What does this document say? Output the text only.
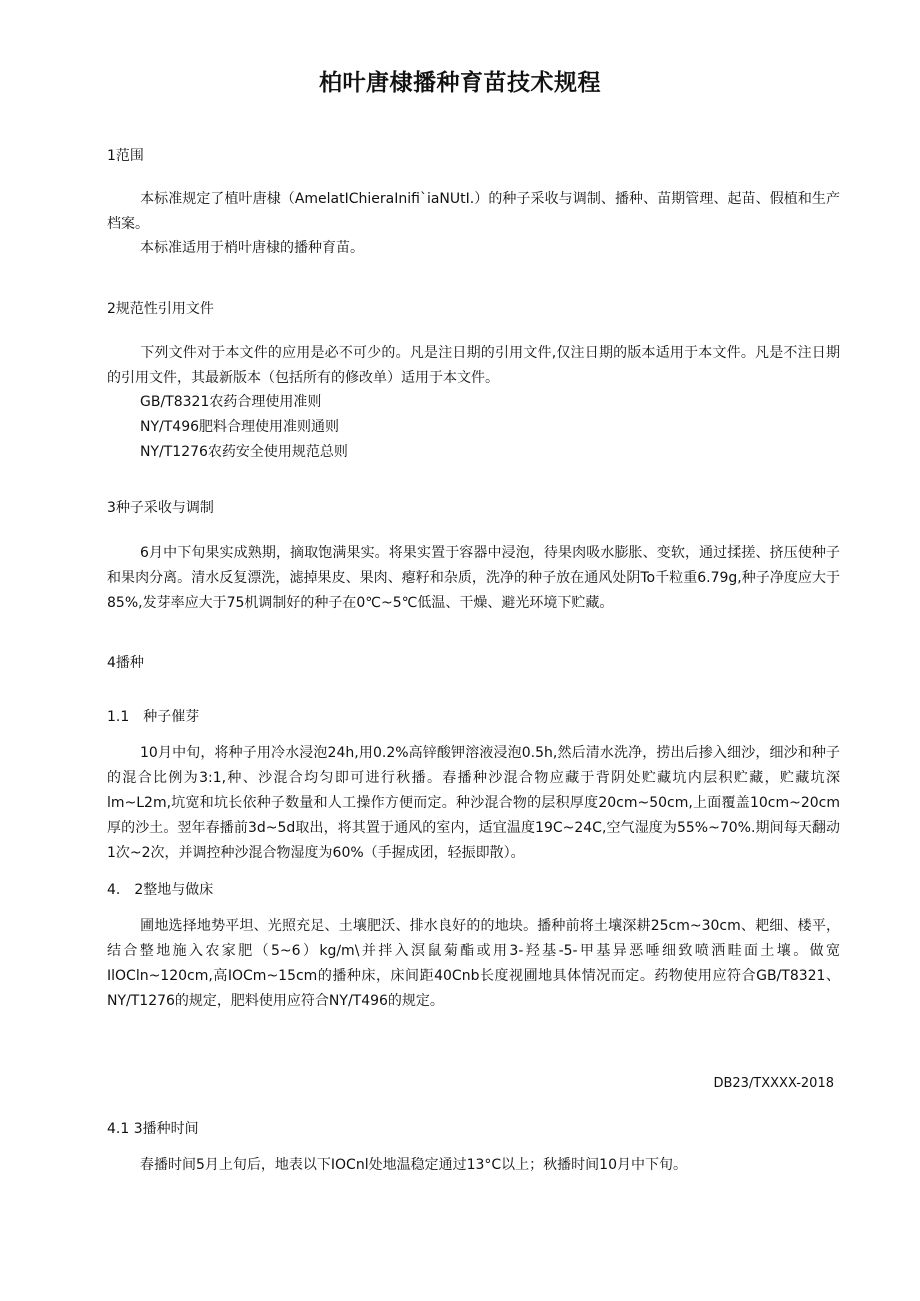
柏叶唐棣播种育苗技术规程
1范围
本标准规定了植叶唐棣（AmelatIChieraInifi`iaNUtI.）的种子采收与调制、播种、苗期管理、起苗、假植和生产档案。
本标准适用于梢叶唐棣的播种育苗。
2规范性引用文件
下列文件对于本文件的应用是必不可少的。凡是注日期的引用文件,仅注日期的版本适用于本文件。凡是不注日期的引用文件，其最新版本（包括所有的修改单）适用于本文件。
GB/T8321农药合理使用准则
NY/T496肥料合理使用准则通则
NY/T1276农药安全使用规范总则
3种子采收与调制
6月中下旬果实成熟期，摘取饱满果实。将果实置于容器中浸泡，待果肉吸水膨胀、变软，通过揉搓、挤压使种子和果肉分离。清水反复漂洗，滤掉果皮、果肉、瘪籽和杂质，洗净的种子放在通风处阴To千粒重6.79g,种子净度应大于85%,发芽率应大于75机调制好的种子在0℃~5℃低温、干燥、避光环境下贮藏。
4播种
1.1　种子催芽
10月中旬，将种子用冷水浸泡24h,用0.2%高锌酸钾溶液浸泡0.5h,然后清水洗净，捞出后掺入细沙，细沙和种子的混合比例为3:1,种、沙混合均匀即可进行秋播。春播种沙混合物应藏于背阴处贮藏坑内层积贮藏，贮藏坑深lm~L2m,坑宽和坑长依种子数量和人工操作方便而定。种沙混合物的层积厚度20cm~50cm,上面覆盖10cm~20cm厚的沙土。翌年春播前3d~5d取出，将其置于通风的室内，适宜温度19C~24C,空气湿度为55%~70%.期间每天翻动1次~2次，并调控种沙混合物湿度为60%（手握成团，轻振即散）。
4.　2整地与做床
圃地选择地势平坦、光照充足、土壤肥沃、排水良好的的地块。播种前将土壤深耕25cm~30cm、耙细、楼平，结合整地施入农家肥（5~6）kg∕m\并拌入溟鼠菊酯或用3-羟基-5-甲基异恶唾细致喷洒畦面土壤。做宽IlOCln~120cm,高IOCm~15cm的播种床，床间距40Cnb长度视圃地具体情况而定。药物使用应符合GB/T8321、NY/T1276的规定，肥料使用应符合NY/T496的规定。
DB23∕TXXXX-2018
4.1 3播种时间
春播时间5月上旬后，地表以下IOCnl处地温稳定通过13°C以上；秋播时间10月中下旬。
